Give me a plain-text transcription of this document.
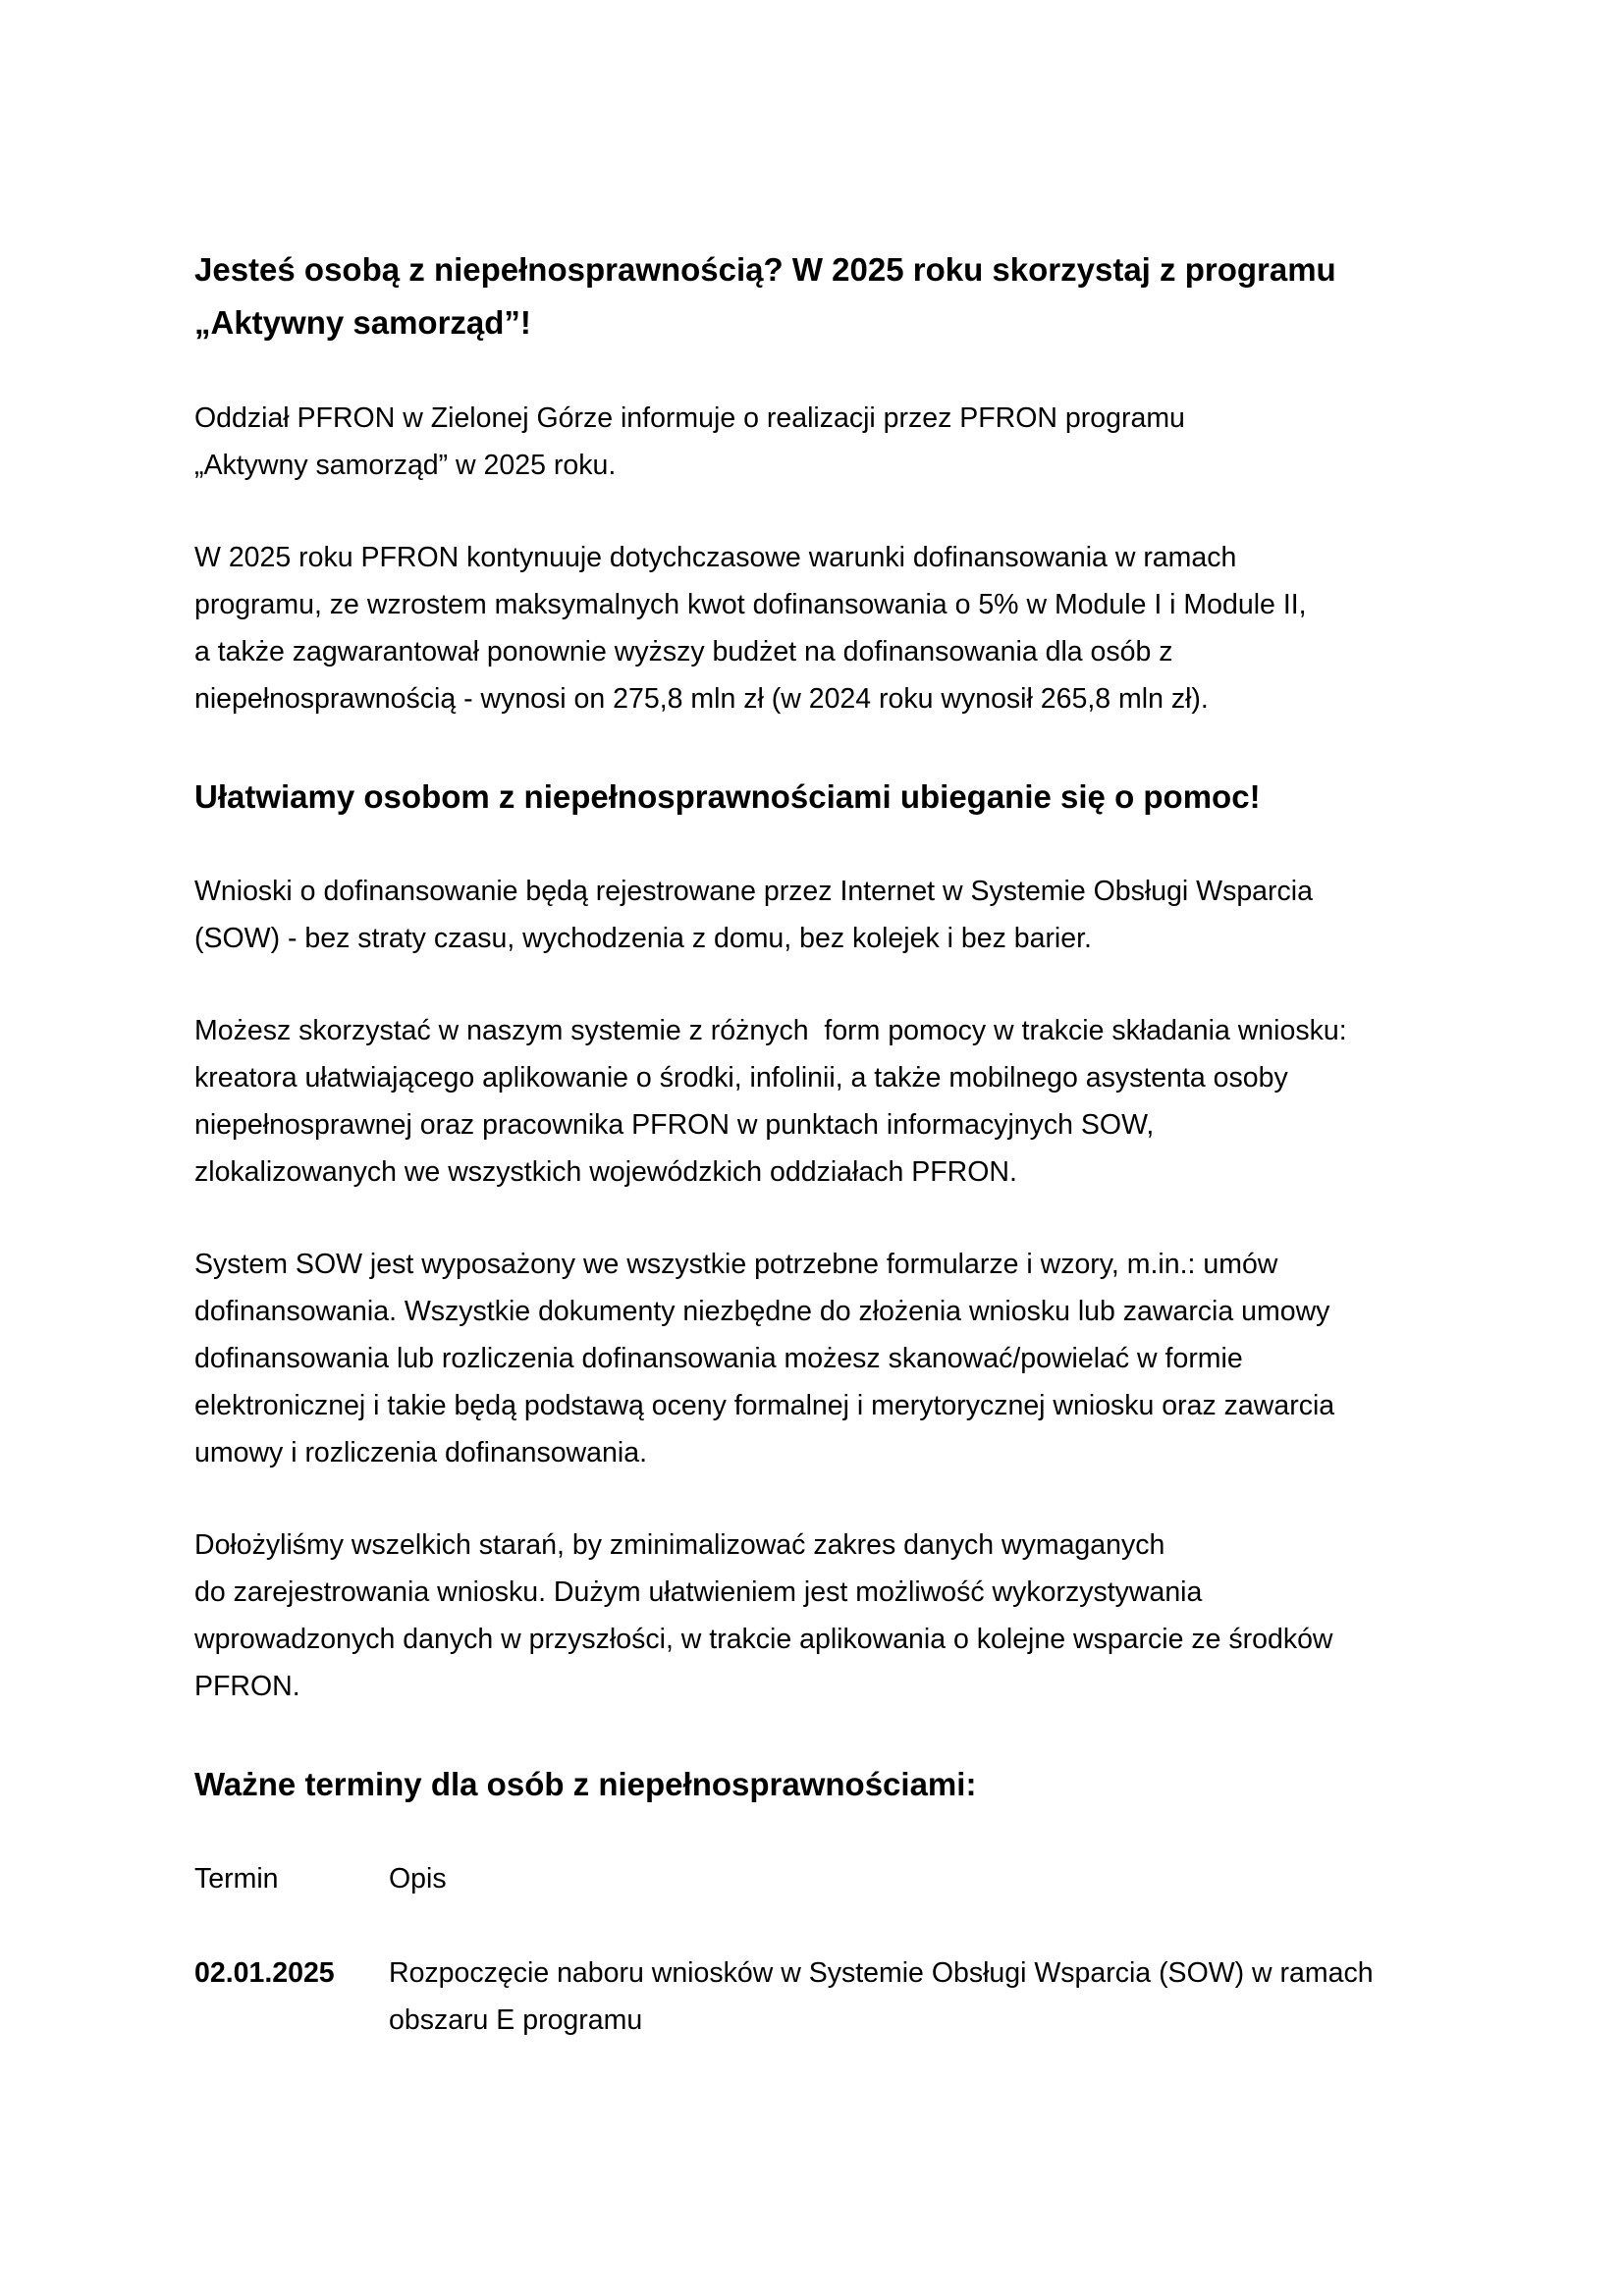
Jesteś osobą z niepełnosprawnością? W 2025 roku skorzystaj z programu
„Aktywny samorząd”!

Oddział PFRON w Zielonej Górze informuje o realizacji przez PFRON programu
„Aktywny samorząd” w 2025 roku.

W 2025 roku PFRON kontynuuje dotychczasowe warunki dofinansowania w ramach
programu, ze wzrostem maksymalnych kwot dofinansowania o 5% w Module I i Module II,
a także zagwarantował ponownie wyższy budżet na dofinansowania dla osób z
niepełnosprawnością - wynosi on 275,8 mln zł (w 2024 roku wynosił 265,8 mln zł).

Ułatwiamy osobom z niepełnosprawnościami ubieganie się o pomoc!

Wnioski o dofinansowanie będą rejestrowane przez Internet w Systemie Obsługi Wsparcia
(SOW) - bez straty czasu, wychodzenia z domu, bez kolejek i bez barier.

Możesz skorzystać w naszym systemie z różnych  form pomocy w trakcie składania wniosku:
kreatora ułatwiającego aplikowanie o środki, infolinii, a także mobilnego asystenta osoby
niepełnosprawnej oraz pracownika PFRON w punktach informacyjnych SOW,
zlokalizowanych we wszystkich wojewódzkich oddziałach PFRON.

System SOW jest wyposażony we wszystkie potrzebne formularze i wzory, m.in.: umów
dofinansowania. Wszystkie dokumenty niezbędne do złożenia wniosku lub zawarcia umowy
dofinansowania lub rozliczenia dofinansowania możesz skanować/powielać w formie
elektronicznej i takie będą podstawą oceny formalnej i merytorycznej wniosku oraz zawarcia
umowy i rozliczenia dofinansowania.

Dołożyliśmy wszelkich starań, by zminimalizować zakres danych wymaganych
do zarejestrowania wniosku. Dużym ułatwieniem jest możliwość wykorzystywania
wprowadzonych danych w przyszłości, w trakcie aplikowania o kolejne wsparcie ze środków
PFRON.

Ważne terminy dla osób z niepełnosprawnościami:
Termin	Opis
02.01.2025	Rozpoczęcie naboru wniosków w Systemie Obsługi Wsparcia (SOW) w ramach
obszaru E programu
